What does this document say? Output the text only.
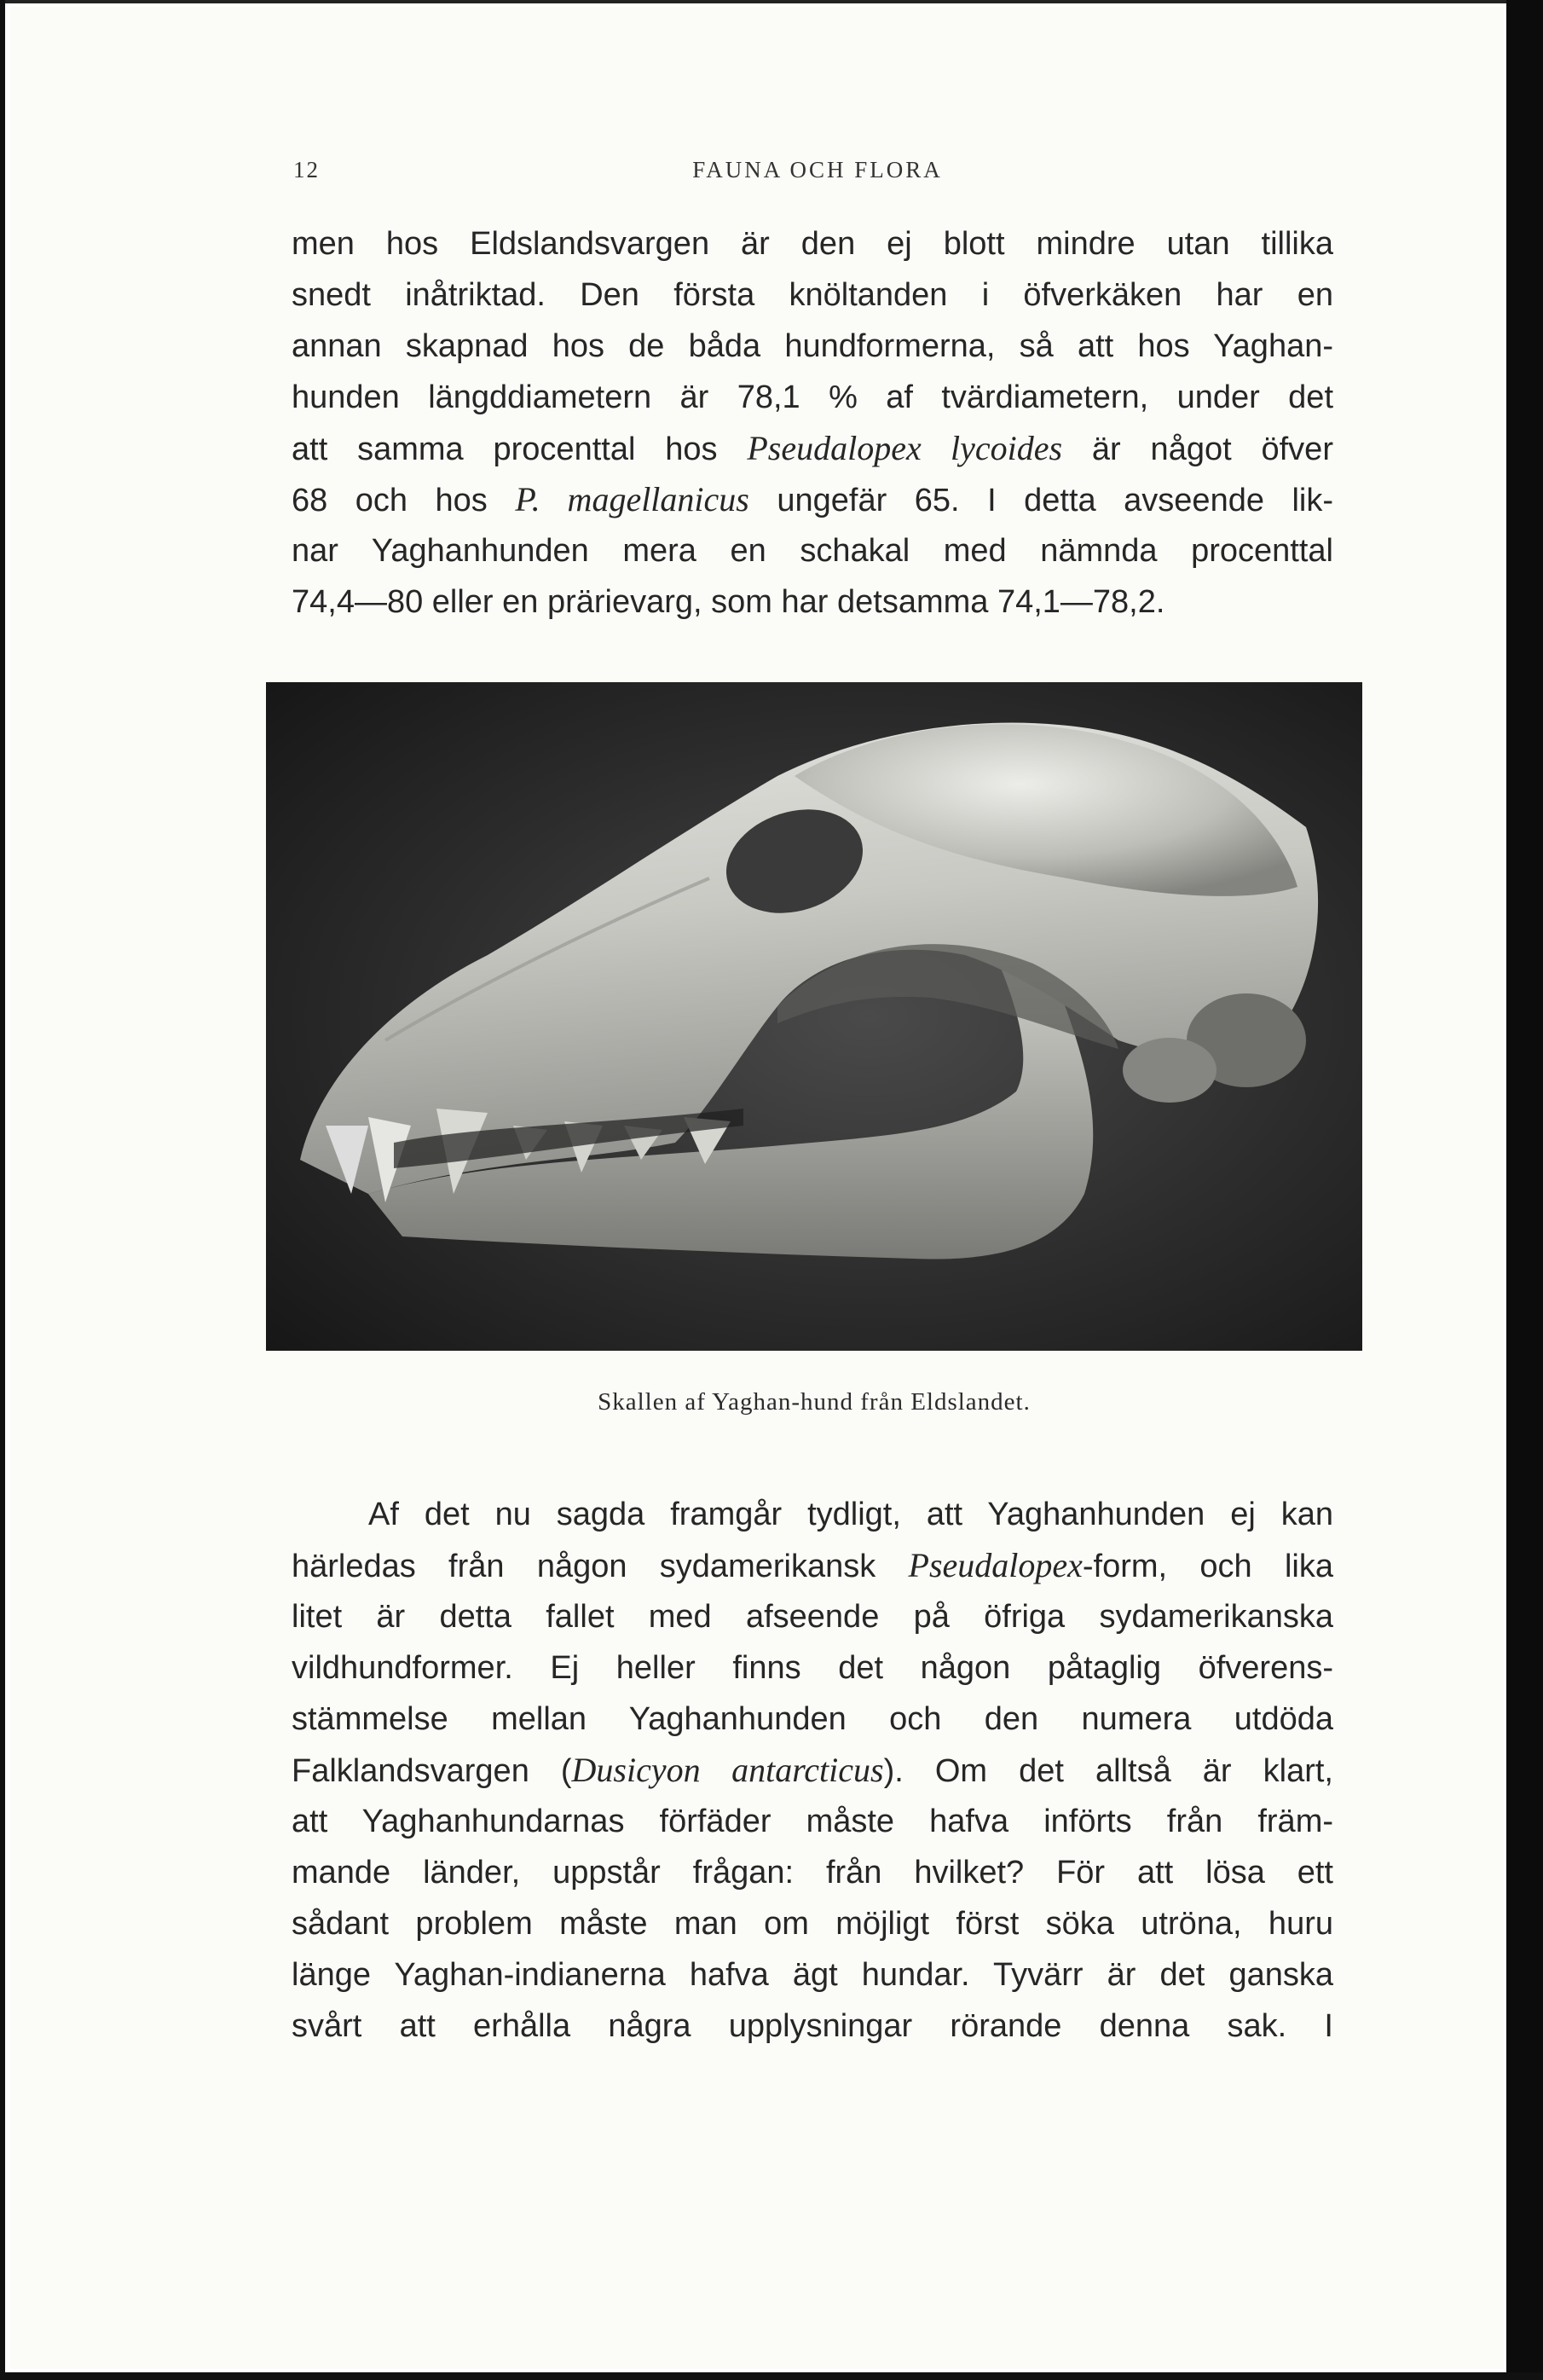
12	FAUNA OCH FLORA
men hos Eldslandsvargen är den ej blott mindre utan tillika
snedt inåtriktad. Den första knöltanden i öfverkäken har en
annan skapnad hos de båda hundformerna, så att hos Yaghan-
hunden längddiametern är 78,1 % af tvärdiametern, under det
att samma procenttal hos Pseudalopex lycoides är något öfver
68 och hos P. magellanicus ungefär 65. I detta avseende lik-
nar Yaghanhunden mera en schakal med nämnda procenttal
74,4—80 eller en prärievarg, som har detsamma 74,1—78,2.
Skallen af Yaghan-hund från Eldslandet.
Af det nu sagda framgår tydligt, att Yaghanhunden ej kan
härledas från någon sydamerikansk Pseudalopex-form, och lika
litet är detta fallet med afseende på öfriga sydamerikanska
vildhundformer. Ej heller finns det någon påtaglig öfverens-
stämmelse mellan Yaghanhunden och den numera utdöda
Falklandsvargen (Dusicyon antarcticus). Om det alltså är klart,
att Yaghanhundarnas förfäder måste hafva införts från främ-
mande länder, uppstår frågan: från hvilket? För att lösa ett
sådant problem måste man om möjligt först söka utröna, huru
länge Yaghan-indianerna hafva ägt hundar. Tyvärr är det ganska
svårt att erhålla några upplysningar rörande denna sak. I
